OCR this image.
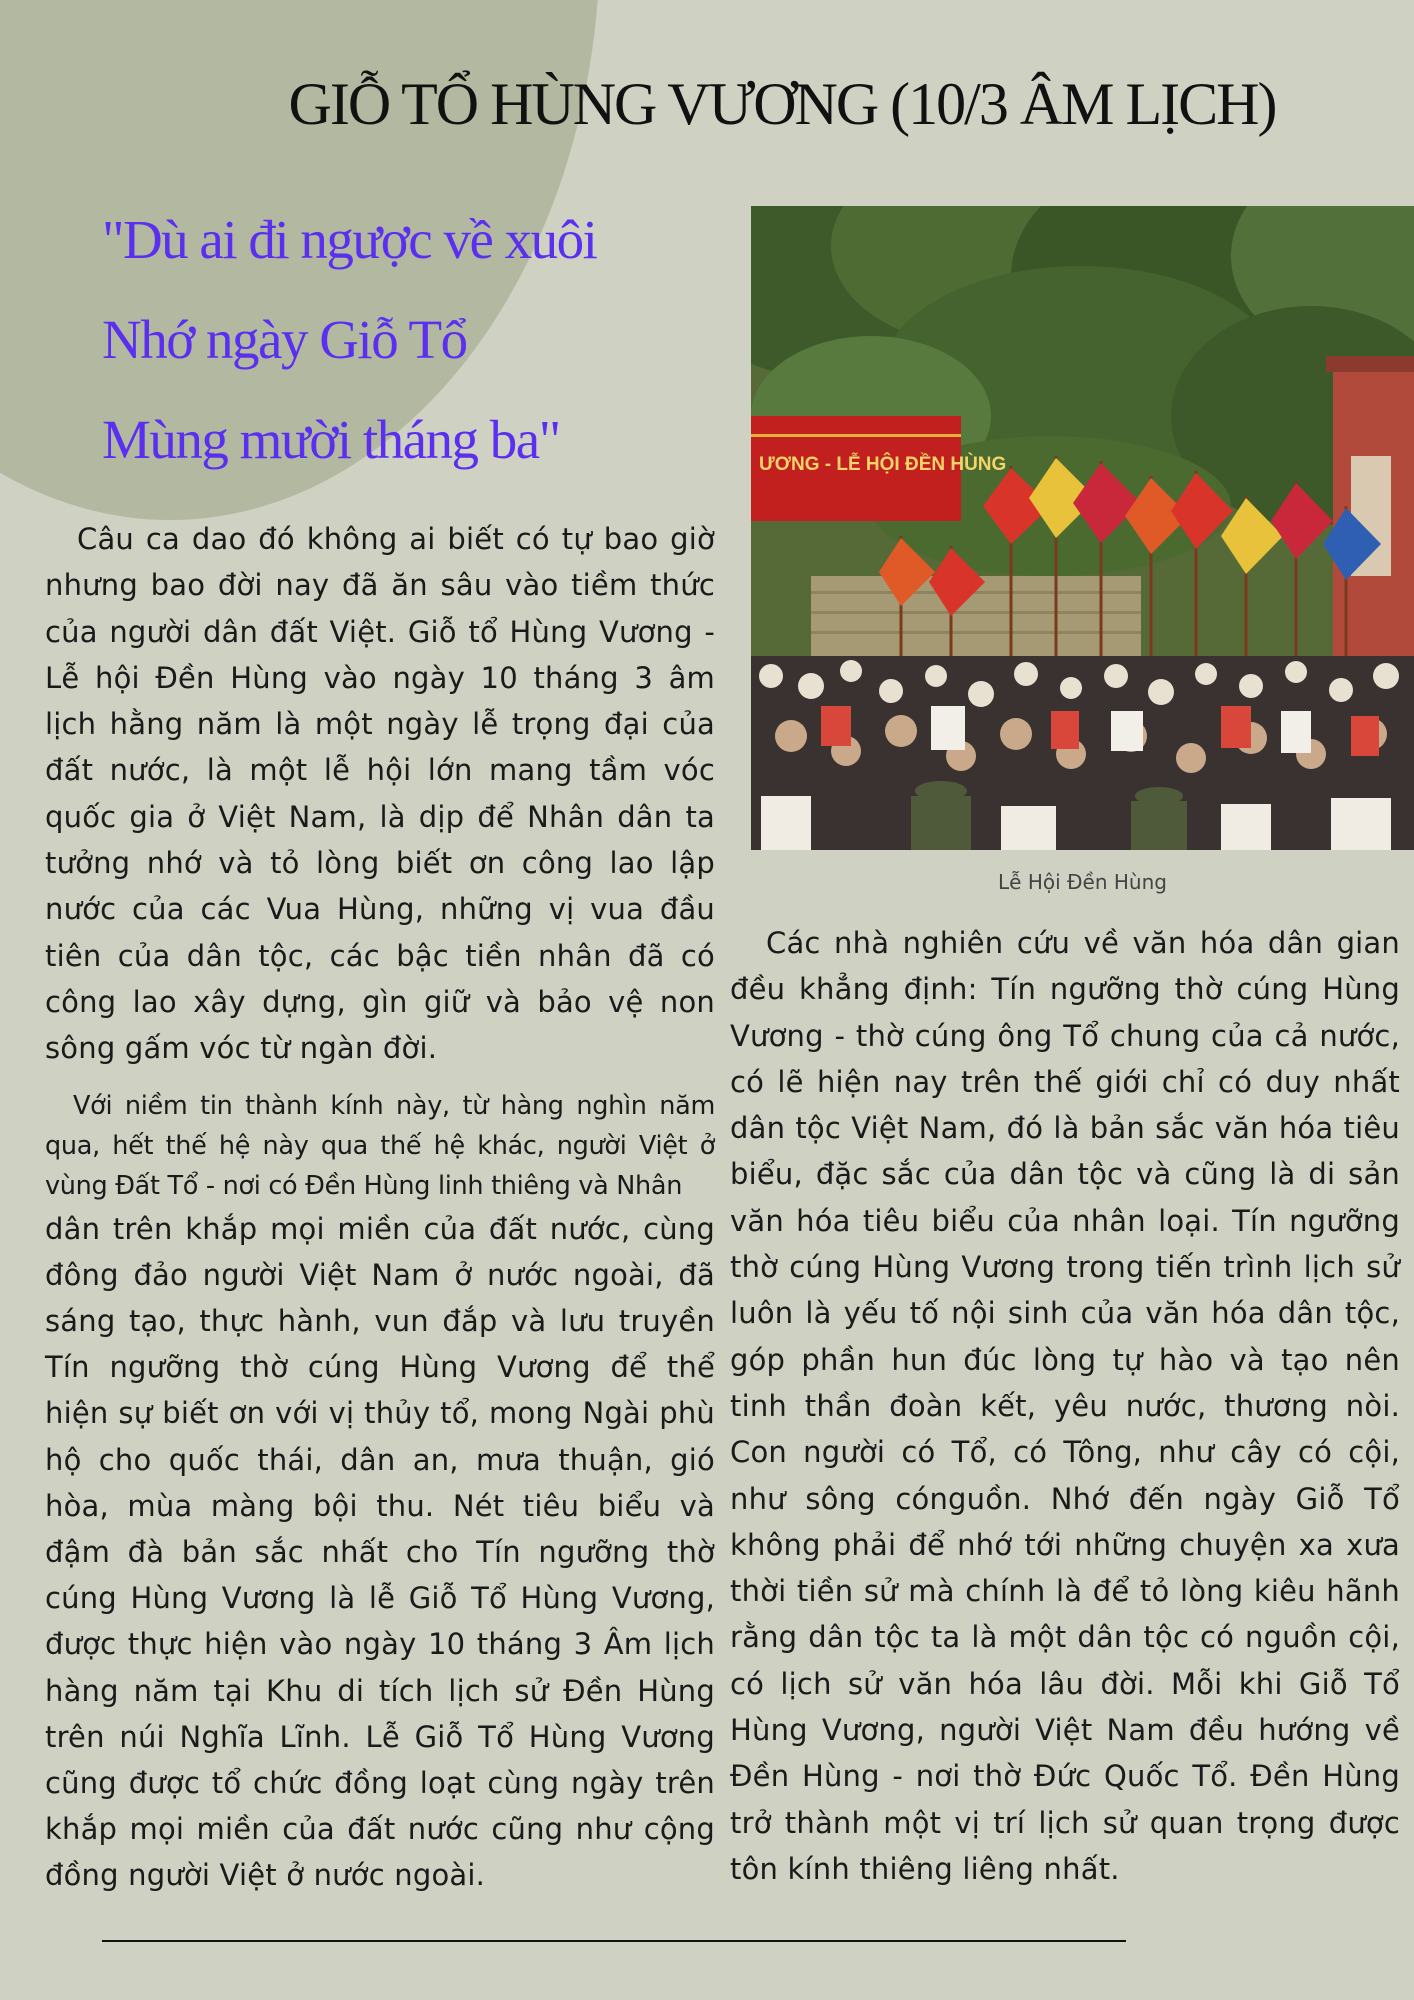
GIỖ TỔ HÙNG VƯƠNG (10/3 ÂM LỊCH)
"Dù ai đi ngược về xuôi
Nhớ ngày Giỗ Tổ
Mùng mười tháng ba"	ƯƠNG - LỄ HỘI ĐỀN HÙNG
Lễ Hội Đền Hùng

Câu ca dao đó không ai biết có tự bao giờ nhưng bao đời nay đã ăn sâu vào tiềm thức của người dân đất Việt. Giỗ tổ Hùng Vương - Lễ hội Đền Hùng vào ngày 10 tháng 3 âm lịch hằng năm là một ngày lễ trọng đại của đất nước, là một lễ hội lớn mang tầm vóc quốc gia ở Việt Nam, là dịp để Nhân dân ta tưởng nhớ và tỏ lòng biết ơn công lao lập nước của các Vua Hùng, những vị vua đầu tiên của dân tộc, các bậc tiền nhân đã có công lao xây dựng, gìn giữ và bảo vệ non sông gấm vóc từ ngàn đời.

Với niềm tin thành kính này, từ hàng nghìn năm qua, hết thế hệ này qua thế hệ khác, người Việt ở vùng Đất Tổ - nơi có Đền Hùng linh thiêng và Nhân

dân trên khắp mọi miền của đất nước, cùng đông đảo người Việt Nam ở nước ngoài, đã sáng tạo, thực hành, vun đắp và lưu truyền Tín ngưỡng thờ cúng Hùng Vương để thể hiện sự biết ơn với vị thủy tổ, mong Ngài phù hộ cho quốc thái, dân an, mưa thuận, gió hòa, mùa màng bội thu. Nét tiêu biểu và đậm đà bản sắc nhất cho Tín ngưỡng thờ cúng Hùng Vương là lễ Giỗ Tổ Hùng Vương, được thực hiện vào ngày 10 tháng 3 Âm lịch hàng năm tại Khu di tích lịch sử Đền Hùng trên núi Nghĩa Lĩnh. Lễ Giỗ Tổ Hùng Vương cũng được tổ chức đồng loạt cùng ngày trên khắp mọi miền của đất nước cũng như cộng đồng người Việt ở nước ngoài.

Các nhà nghiên cứu về văn hóa dân gian đều khẳng định: Tín ngưỡng thờ cúng Hùng Vương - thờ cúng ông Tổ chung của cả nước, có lẽ hiện nay trên thế giới chỉ có duy nhất dân tộc Việt Nam, đó là bản sắc văn hóa tiêu biểu, đặc sắc của dân tộc và cũng là di sản văn hóa tiêu biểu của nhân loại. Tín ngưỡng thờ cúng Hùng Vương trong tiến trình lịch sử luôn là yếu tố nội sinh của văn hóa dân tộc, góp phần hun đúc lòng tự hào và tạo nên tinh thần đoàn kết, yêu nước, thương nòi. Con người có Tổ, có Tông, như cây có cội, như sông cónguồn. Nhớ đến ngày Giỗ Tổ không phải để nhớ tới những chuyện xa xưa thời tiền sử mà chính là để tỏ lòng kiêu hãnh rằng dân tộc ta là một dân tộc có nguồn cội, có lịch sử văn hóa lâu đời. Mỗi khi Giỗ Tổ Hùng Vương, người Việt Nam đều hướng về Đền Hùng - nơi thờ Đức Quốc Tổ. Đền Hùng trở thành một vị trí lịch sử quan trọng được tôn kính thiêng liêng nhất.
